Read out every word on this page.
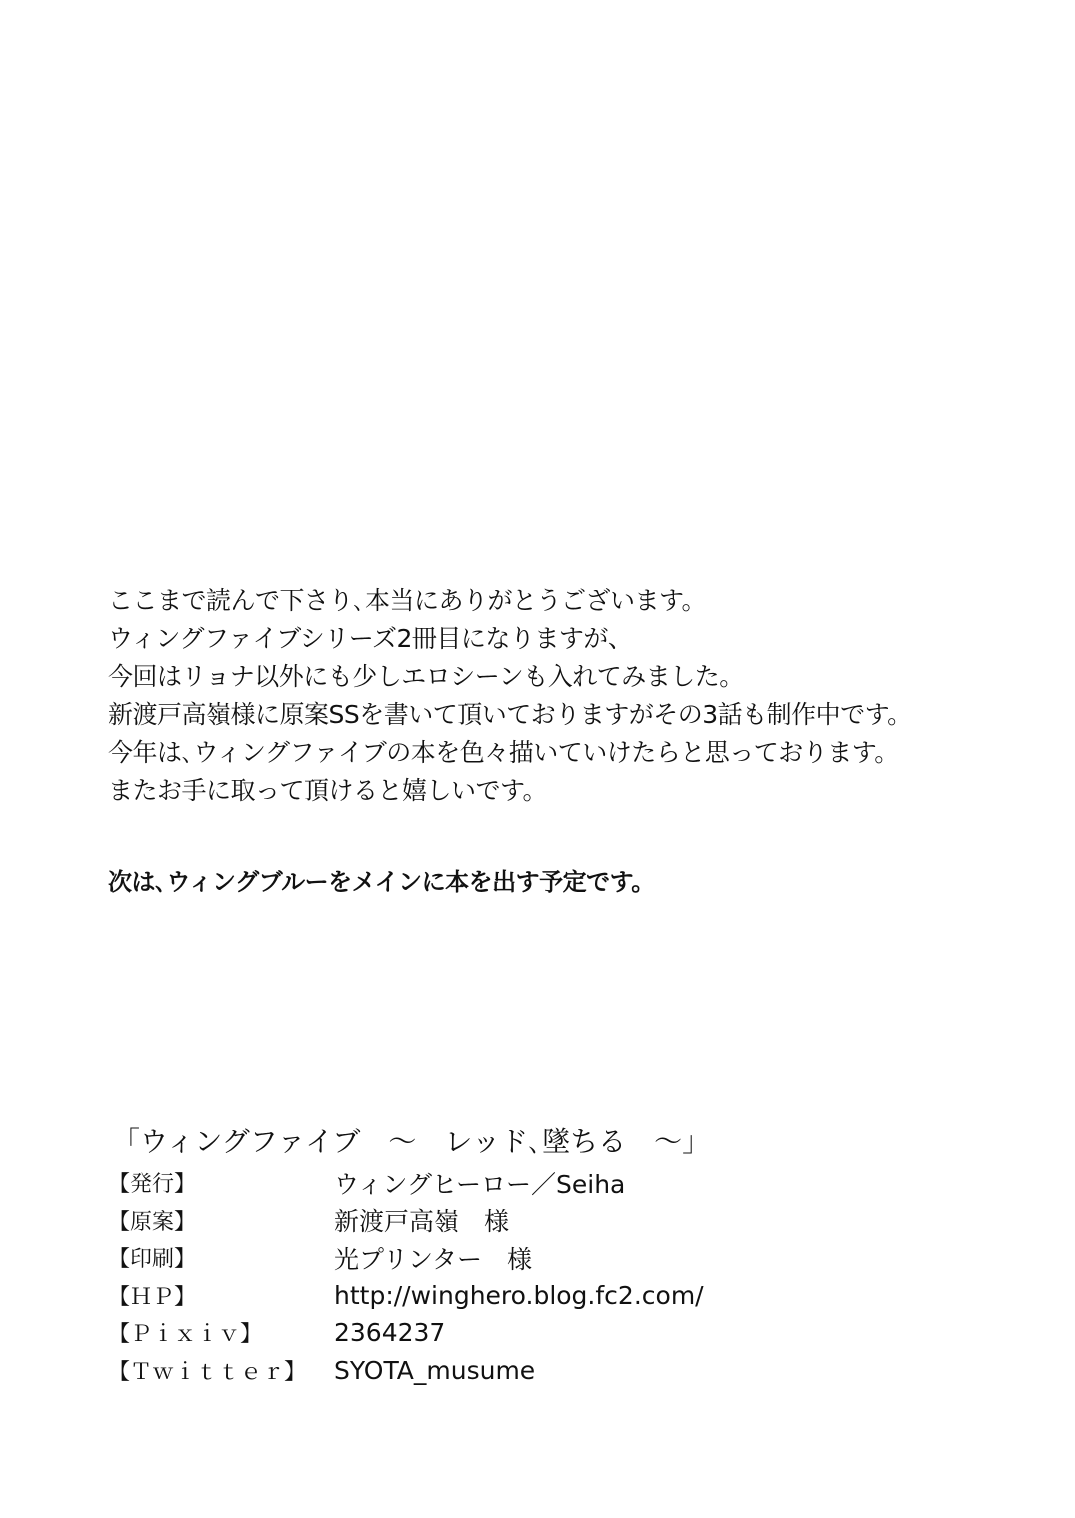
ここまで読んで下さり､本当にありがとうございます。
ウィングファイブシリーズ2冊目になりますが、
今回はリョナ以外にも少しエロシーンも入れてみました。
新渡戸高嶺様に原案SSを書いて頂いておりますがその3話も制作中です。
今年は､ウィングファイブの本を色々描いていけたらと思っております。
またお手に取って頂けると嬉しいです。
次は､ウィングブルーをメインに本を出す予定です。
「ウィングファイブ　～　レッド､墜ちる　～」
【発行】	ウィングヒーロー／Seiha
【原案】	新渡戸高嶺　様
【印刷】	光プリンター　様
【ＨＰ】	http://winghero.blog.fc2.com/
【Ｐｉｘｉｖ】	2364237
【Ｔｗｉｔｔｅｒ】	SYOTA_musume
